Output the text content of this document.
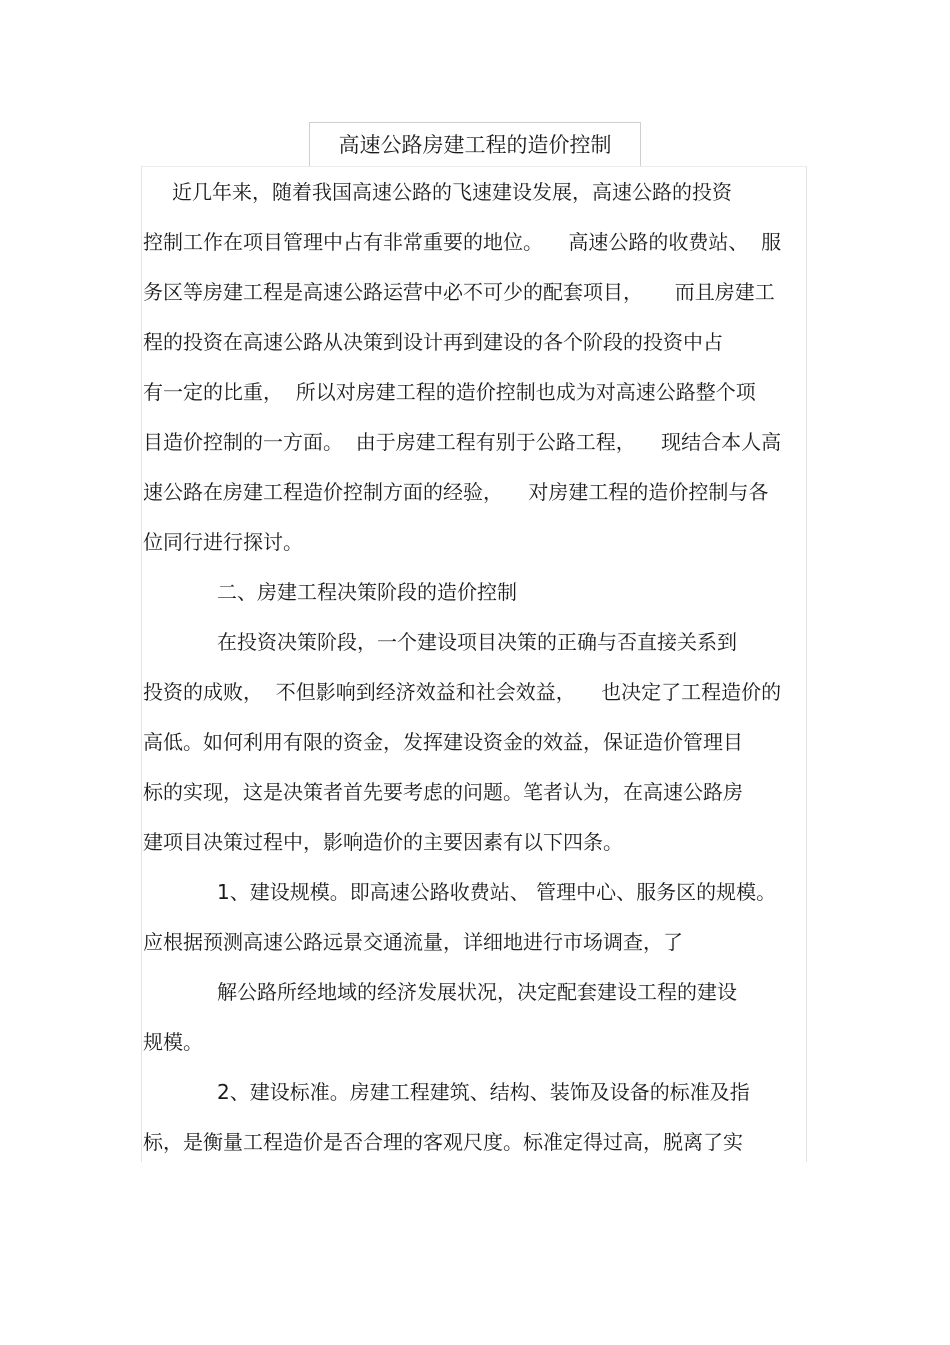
高速公路房建工程的造价控制
近几年来，随着我国高速公路的飞速建设发展，高速公路的投资
控制工作在项目管理中占有非常重要的地位。    高速公路的收费站、  服
务区等房建工程是高速公路运营中必不可少的配套项目，     而且房建工
程的投资在高速公路从决策到设计再到建设的各个阶段的投资中占
有一定的比重，  所以对房建工程的造价控制也成为对高速公路整个项
目造价控制的一方面。  由于房建工程有别于公路工程，    现结合本人高
速公路在房建工程造价控制方面的经验，    对房建工程的造价控制与各
位同行进行探讨。
二、房建工程决策阶段的造价控制
在投资决策阶段，一个建设项目决策的正确与否直接关系到
投资的成败，  不但影响到经济效益和社会效益，    也决定了工程造价的
高低。如何利用有限的资金，发挥建设资金的效益，保证造价管理目
标的实现，这是决策者首先要考虑的问题。笔者认为，在高速公路房
建项目决策过程中，影响造价的主要因素有以下四条。
1、建设规模。即高速公路收费站、 管理中心、服务区的规模。
应根据预测高速公路远景交通流量，详细地进行市场调查，了
解公路所经地域的经济发展状况，决定配套建设工程的建设
规模。
2、建设标准。房建工程建筑、结构、装饰及设备的标准及指
标，是衡量工程造价是否合理的客观尺度。标准定得过高，脱离了实
